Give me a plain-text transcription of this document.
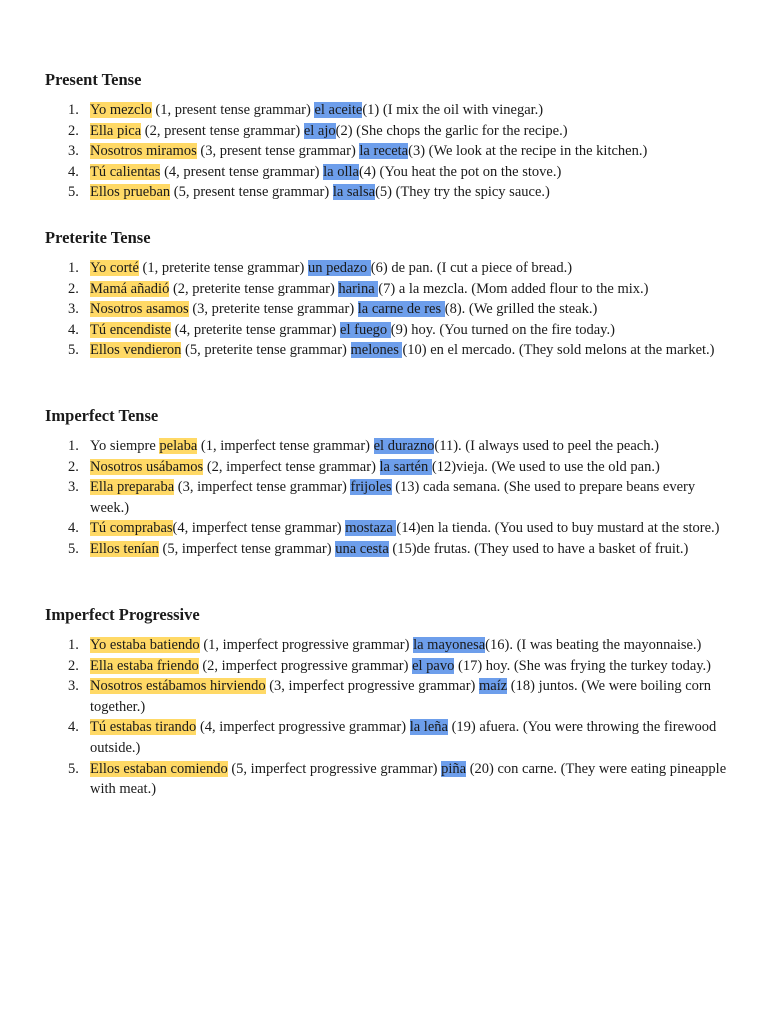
Present Tense
1. Yo mezclo (1, present tense grammar) el aceite(1) (I mix the oil with vinegar.)
2. Ella pica (2, present tense grammar) el ajo(2) (She chops the garlic for the recipe.)
3. Nosotros miramos (3, present tense grammar) la receta(3) (We look at the recipe in the kitchen.)
4. Tú calientas (4, present tense grammar) la olla(4) (You heat the pot on the stove.)
5. Ellos prueban (5, present tense grammar) la salsa(5) (They try the spicy sauce.)
Preterite Tense
1. Yo corté (1, preterite tense grammar) un pedazo (6) de pan. (I cut a piece of bread.)
2. Mamá añadió (2, preterite tense grammar) harina (7) a la mezcla. (Mom added flour to the mix.)
3. Nosotros asamos (3, preterite tense grammar) la carne de res (8). (We grilled the steak.)
4. Tú encendiste (4, preterite tense grammar) el fuego (9) hoy. (You turned on the fire today.)
5. Ellos vendieron (5, preterite tense grammar) melones (10) en el mercado. (They sold melons at the market.)
Imperfect Tense
1. Yo siempre pelaba (1, imperfect tense grammar) el durazno(11). (I always used to peel the peach.)
2. Nosotros usábamos (2, imperfect tense grammar) la sartén (12)vieja. (We used to use the old pan.)
3. Ella preparaba (3, imperfect tense grammar) frijoles (13) cada semana. (She used to prepare beans every week.)
4. Tú comprabas(4, imperfect tense grammar) mostaza (14)en la tienda. (You used to buy mustard at the store.)
5. Ellos tenían (5, imperfect tense grammar) una cesta (15)de frutas. (They used to have a basket of fruit.)
Imperfect Progressive
1. Yo estaba batiendo (1, imperfect progressive grammar) la mayonesa(16). (I was beating the mayonnaise.)
2. Ella estaba friendo (2, imperfect progressive grammar) el pavo (17) hoy. (She was frying the turkey today.)
3. Nosotros estábamos hirviendo (3, imperfect progressive grammar) maíz (18) juntos. (We were boiling corn together.)
4. Tú estabas tirando (4, imperfect progressive grammar) la leña (19) afuera. (You were throwing the firewood outside.)
5. Ellos estaban comiendo (5, imperfect progressive grammar) piña (20) con carne. (They were eating pineapple with meat.)
